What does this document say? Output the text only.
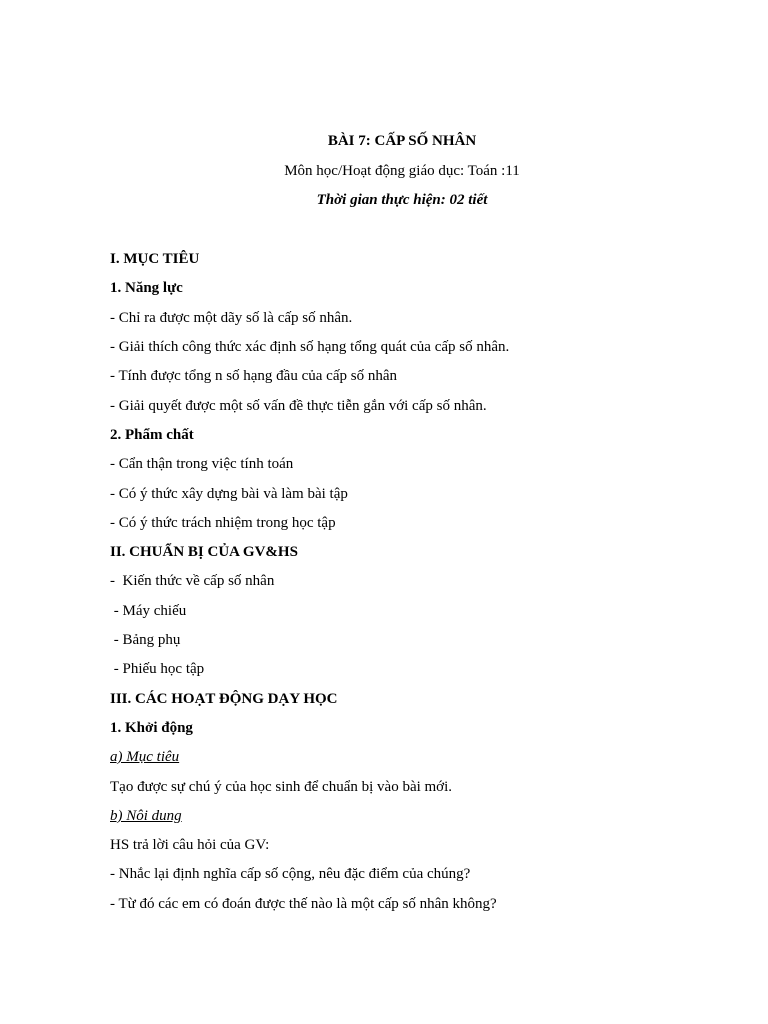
BÀI 7: CẤP SỐ NHÂN
Môn học/Hoạt động giáo dục: Toán :11
Thời gian thực hiện: 02 tiết
I. MỤC TIÊU
1. Năng lực
- Chỉ ra được một dãy số là cấp số nhân.
- Giải thích công thức xác định số hạng tổng quát của cấp số nhân.
- Tính được tổng n số hạng đầu của cấp số nhân
- Giải quyết được một số vấn đề thực tiễn gắn với cấp số nhân.
2. Phẩm chất
- Cẩn thận trong việc tính toán
- Có ý thức xây dựng bài và làm bài tập
- Có ý thức trách nhiệm trong học tập
II. CHUẨN BỊ CỦA GV&HS
-  Kiến thức về cấp số nhân
- Máy chiếu
- Bảng phụ
- Phiếu học tập
III. CÁC HOẠT ĐỘNG DẠY HỌC
1. Khởi động
a) Mục tiêu
Tạo được sự chú ý của học sinh để chuẩn bị vào bài mới.
b) Nôi dung
HS trả lời câu hỏi của GV:
- Nhắc lại định nghĩa cấp số cộng, nêu đặc điểm của chúng?
- Từ đó các em có đoán được thế nào là một cấp số nhân không?
